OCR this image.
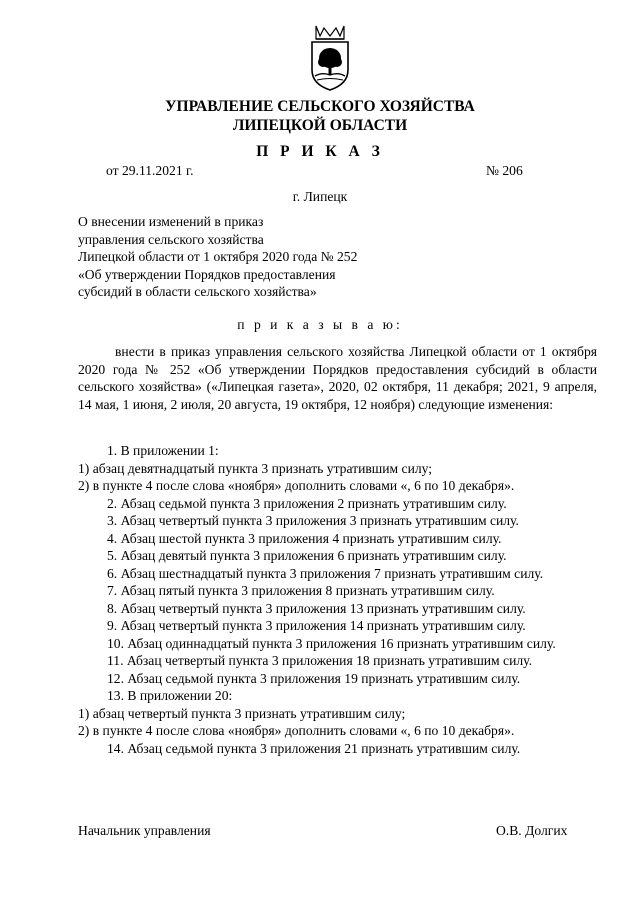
УПРАВЛЕНИЕ СЕЛЬСКОГО ХОЗЯЙСТВА
ЛИПЕЦКОЙ ОБЛАСТИ
П Р И К А З
от 29.11.2021 г.	№ 206
г. Липецк
О внесении изменений в приказ
управления сельского хозяйства
Липецкой области от 1 октября 2020 года № 252
«Об утверждении Порядков предоставления
субсидий в области сельского хозяйства»
п р и к а з ы в а ю:

внести в приказ управления сельского хозяйства Липецкой области от 1 октября 2020 года № 252 «Об утверждении Порядков предоставления субсидий в области сельского хозяйства» («Липецкая газета», 2020, 02 октября, 11 декабря; 2021, 9 апреля, 14 мая, 1 июня, 2 июля, 20 августа, 19 октября, 12 ноября) следующие изменения:

1. В приложении 1:
1) абзац девятнадцатый пункта 3 признать утратившим силу;
2) в пункте 4 после слова «ноября» дополнить словами «, 6 по 10 декабря».
2. Абзац седьмой пункта 3 приложения 2 признать утратившим силу.
3. Абзац четвертый пункта 3 приложения 3 признать утратившим силу.
4. Абзац шестой пункта 3 приложения 4 признать утратившим силу.
5. Абзац девятый пункта 3 приложения 6 признать утратившим силу.
6. Абзац шестнадцатый пункта 3 приложения 7 признать утратившим силу.
7. Абзац пятый пункта 3 приложения 8 признать утратившим силу.
8. Абзац четвертый пункта 3 приложения 13 признать утратившим силу.
9. Абзац четвертый пункта 3 приложения 14 признать утратившим силу.
10. Абзац одиннадцатый пункта 3 приложения 16 признать утратившим силу.
11. Абзац четвертый пункта 3 приложения 18 признать утратившим силу.
12. Абзац седьмой пункта 3 приложения 19 признать утратившим силу.
13. В приложении 20:
1) абзац четвертый пункта 3 признать утратившим силу;
2) в пункте 4 после слова «ноября» дополнить словами «, 6 по 10 декабря».
14. Абзац седьмой пункта 3 приложения 21 признать утратившим силу.
Начальник управления	О.В. Долгих
